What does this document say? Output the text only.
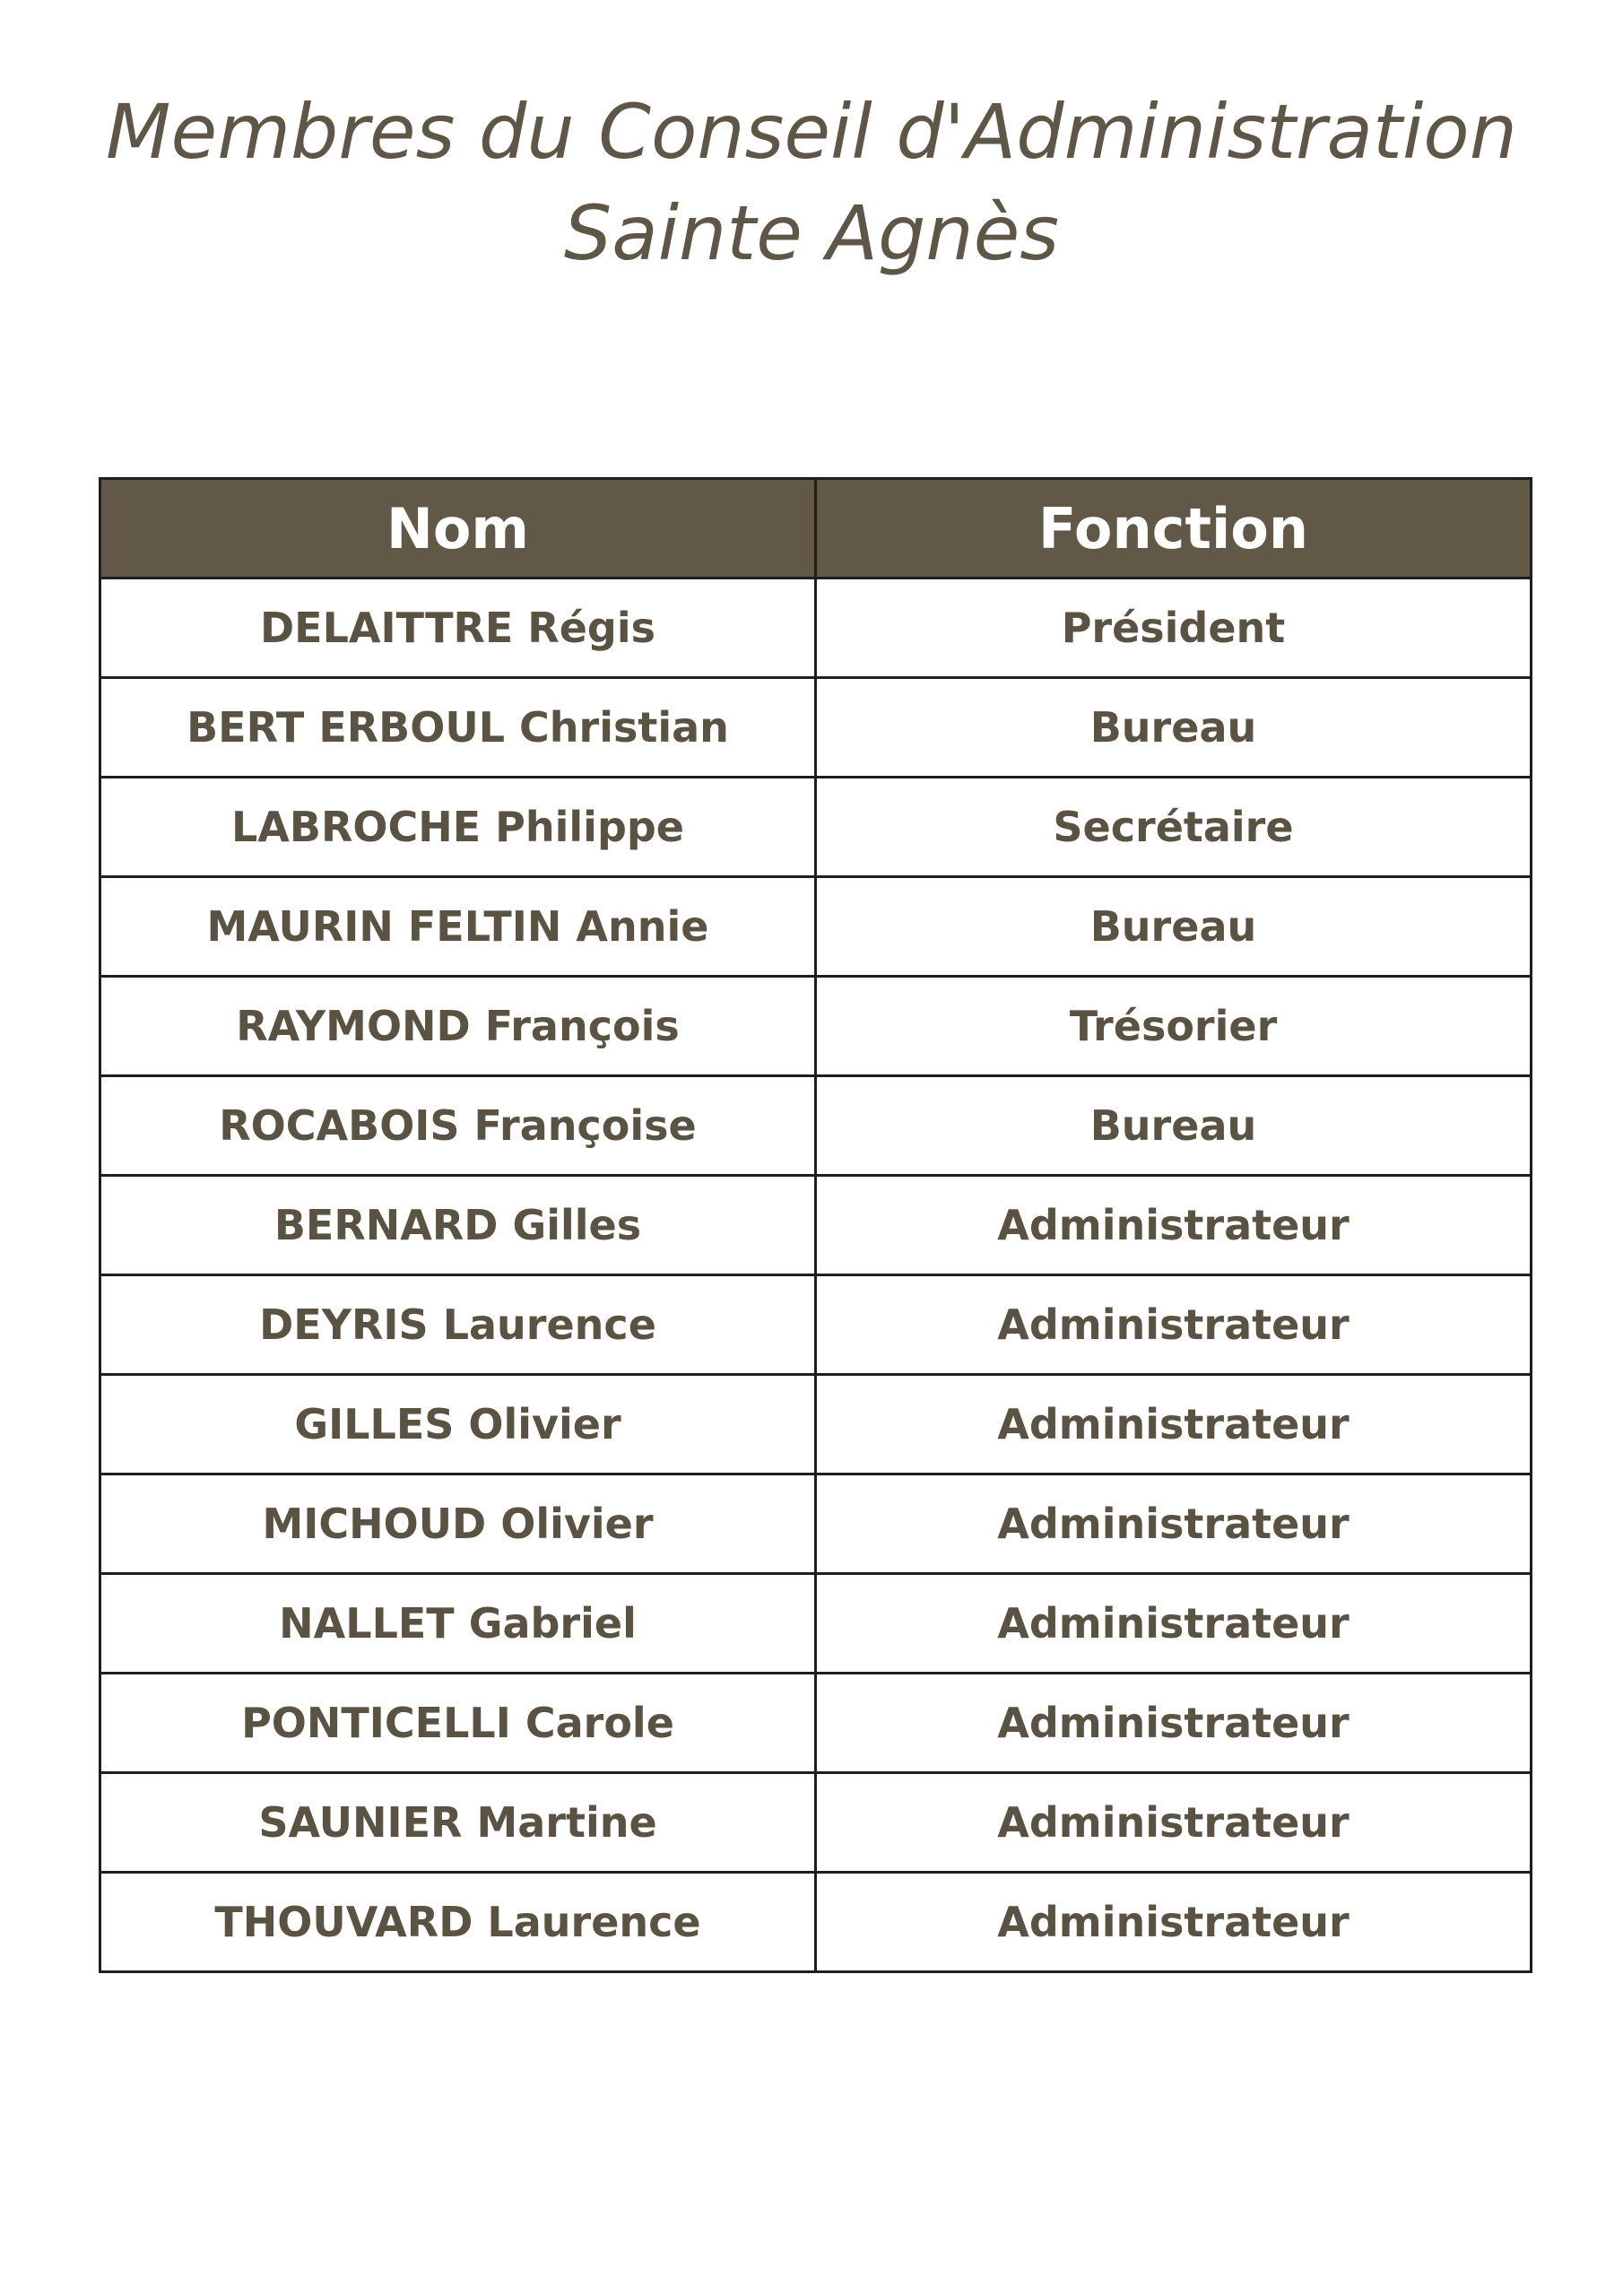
Membres du Conseil d'Administration
Sainte Agnès
Nom	Fonction
DELAITTRE Régis	Président
BERT ERBOUL Christian	Bureau
LABROCHE Philippe	Secrétaire
MAURIN FELTIN Annie	Bureau
RAYMOND François	Trésorier
ROCABOIS Françoise	Bureau
BERNARD Gilles	Administrateur
DEYRIS Laurence	Administrateur
GILLES Olivier	Administrateur
MICHOUD Olivier	Administrateur
NALLET Gabriel	Administrateur
PONTICELLI Carole	Administrateur
SAUNIER Martine	Administrateur
THOUVARD Laurence	Administrateur
